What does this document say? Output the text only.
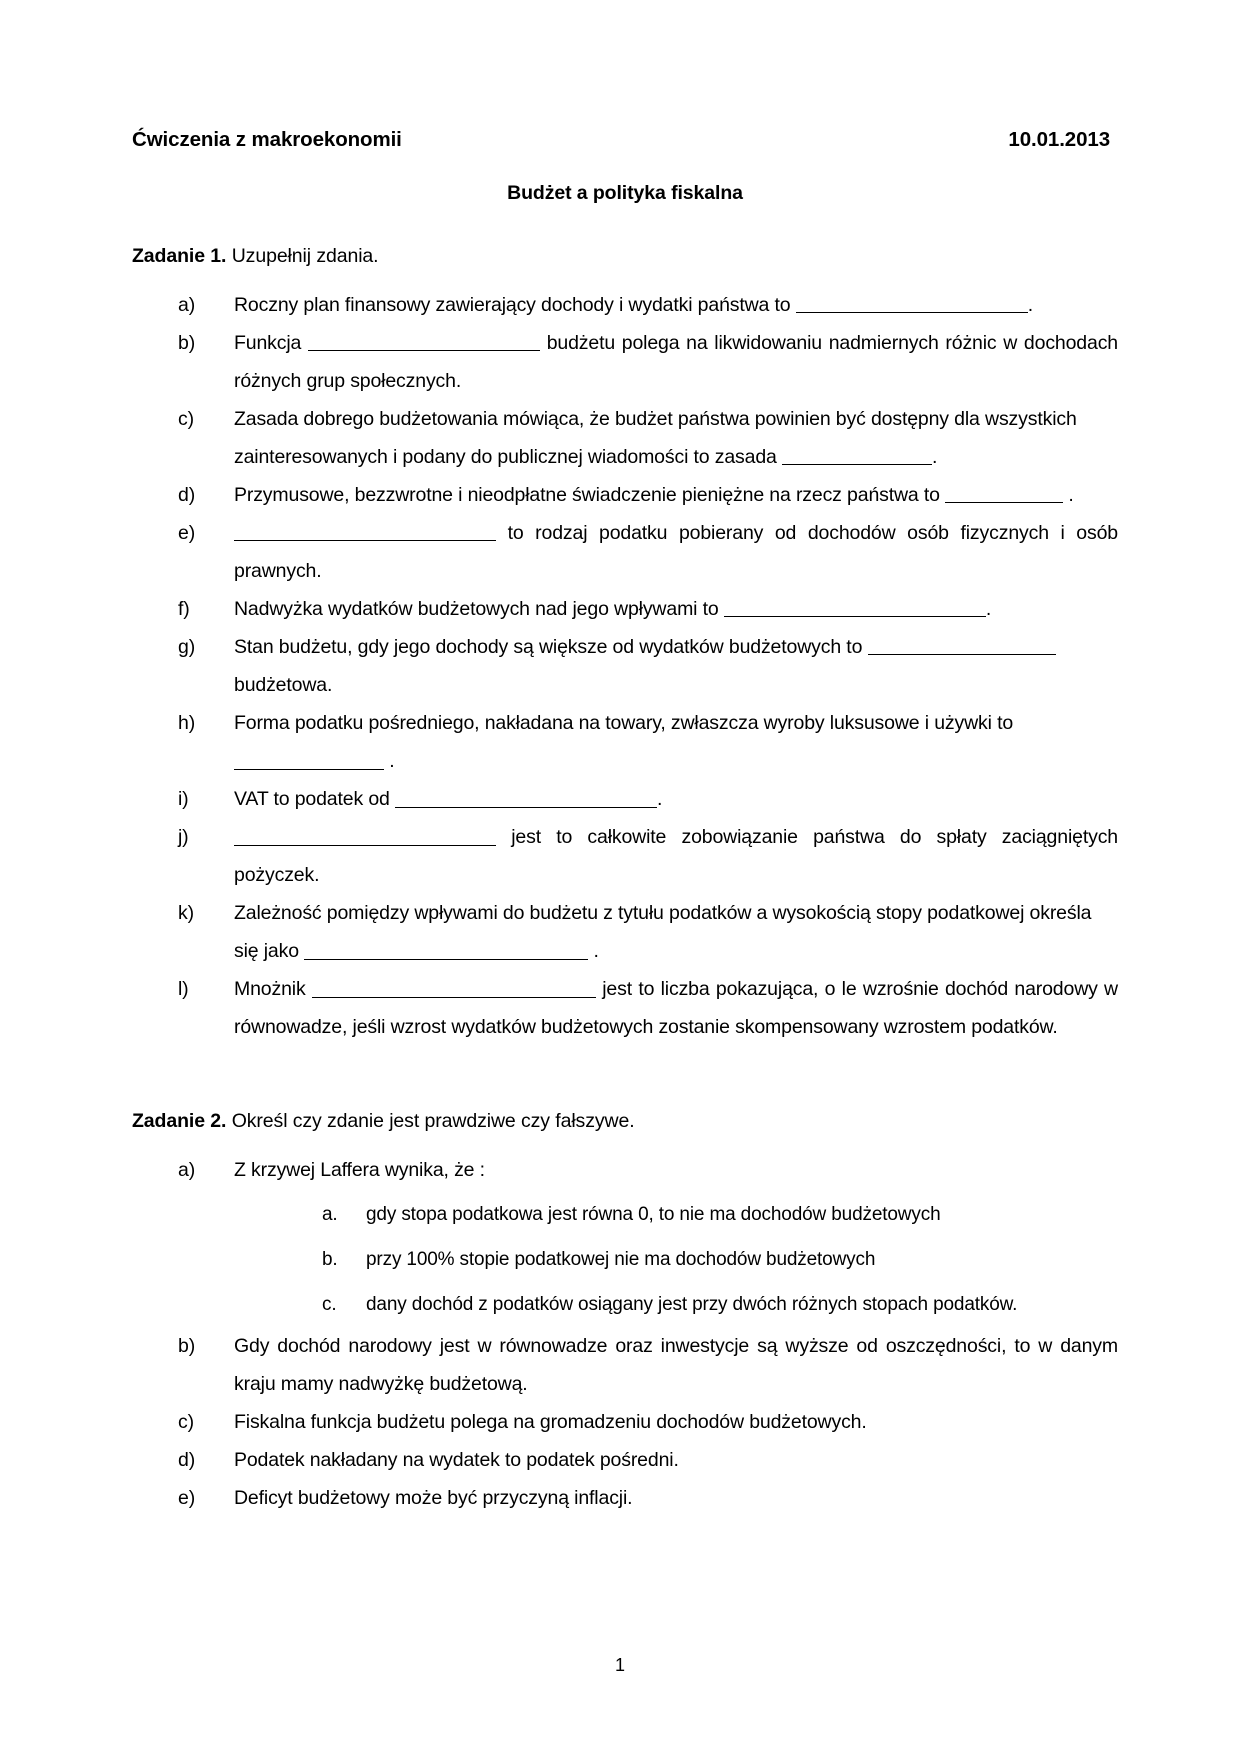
Ćwiczenia z makroekonomii	10.01.2013
Budżet a polityka fiskalna
Zadanie 1. Uzupełnij zdania.
a)	Roczny plan finansowy zawierający dochody i wydatki państwa to	.
b)	Funkcja	budżetu polega na likwidowaniu nadmiernych różnic w dochodach różnych grup społecznych.
c)	Zasada dobrego budżetowania mówiąca, że budżet państwa powinien być dostępny dla wszystkich zainteresowanych i podany do publicznej wiadomości to zasada	.
d)	Przymusowe, bezzwrotne i nieodpłatne świadczenie pieniężne na rzecz państwa to	.
e)	to rodzaj podatku pobierany od dochodów osób fizycznych i osób prawnych.
f)	Nadwyżka wydatków budżetowych nad jego wpływami to	.
g)	Stan budżetu, gdy jego dochody są większe od wydatków budżetowych to  budżetowa.
h)	Forma podatku pośredniego, nakładana na towary, zwłaszcza wyroby luksusowe i używki to  .
i)	VAT to podatek od	.
j)	jest to całkowite zobowiązanie państwa do spłaty zaciągniętych pożyczek.
k)	Zależność pomiędzy wpływami do budżetu z tytułu podatków a wysokością stopy podatkowej określa się jako	.
l)	Mnożnik	jest to liczba pokazująca, o le wzrośnie dochód narodowy w równowadze, jeśli wzrost wydatków budżetowych zostanie skompensowany wzrostem podatków.
Zadanie 2. Określ czy zdanie jest prawdziwe czy fałszywe.
a)	Z krzywej Laffera wynika, że :
a.	gdy stopa podatkowa jest równa 0, to nie ma dochodów budżetowych
b.	przy 100% stopie podatkowej nie ma dochodów budżetowych
c.	dany dochód z podatków osiągany jest przy dwóch różnych stopach podatków.
b)	Gdy dochód narodowy jest w równowadze oraz inwestycje są wyższe od oszczędności, to w danym kraju mamy nadwyżkę budżetową.
c)	Fiskalna funkcja budżetu polega na gromadzeniu dochodów budżetowych.
d)	Podatek nakładany na wydatek to podatek pośredni.
e)	Deficyt budżetowy może być przyczyną inflacji.
1
